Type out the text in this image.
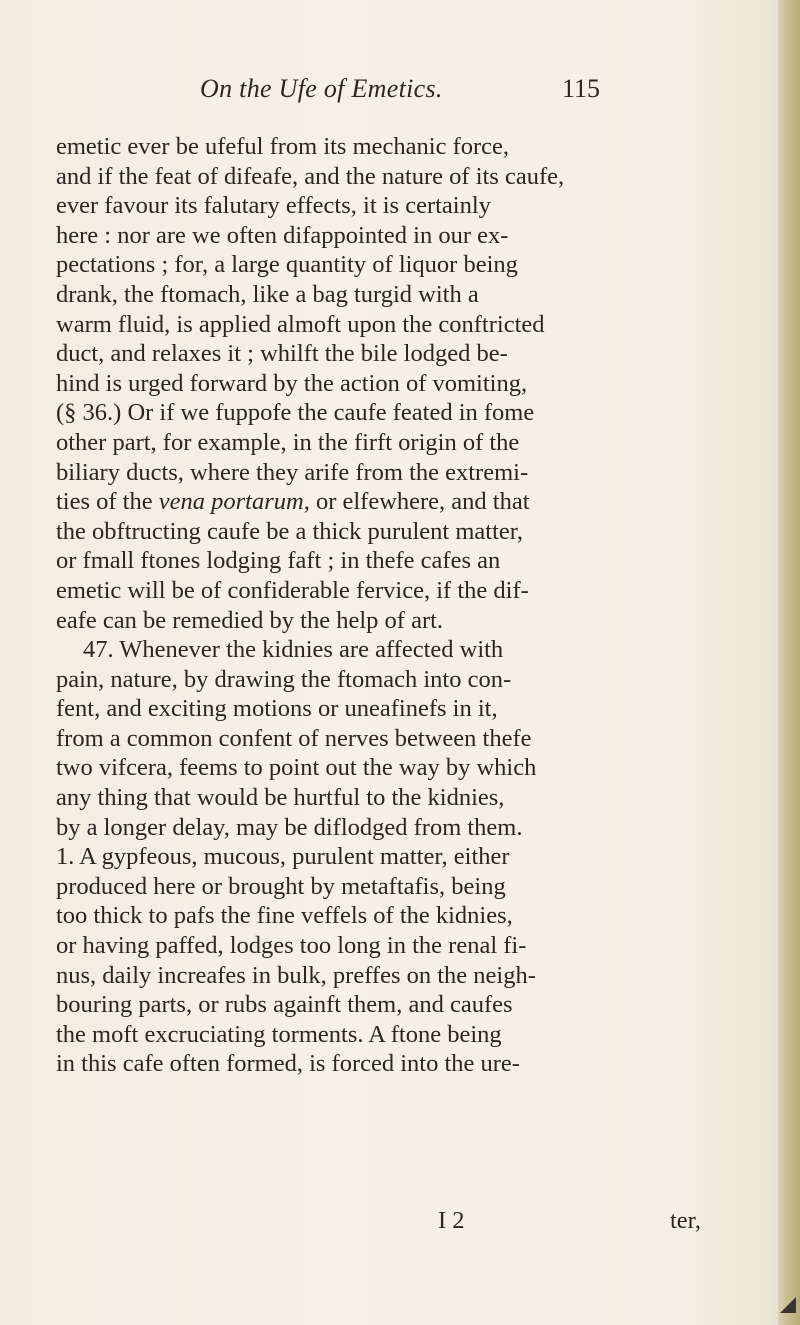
On the Ufe of Emetics.	115
emetic ever be ufeful from its mechanic force,
and if the feat of difeafe, and the nature of its caufe,
ever favour its falutary effects, it is certainly
here : nor are we often difappointed in our ex-
pectations ; for, a large quantity of liquor being
drank, the ftomach, like a bag turgid with a
warm fluid, is applied almoft upon the conftricted
duct, and relaxes it ; whilft the bile lodged be-
hind is urged forward by the action of vomiting,
(§ 36.) Or if we fuppofe the caufe feated in fome
other part, for example, in the firft origin of the
biliary ducts, where they arife from the extremi-
ties of the vena portarum, or elfewhere, and that
the obftructing caufe be a thick purulent matter,
or fmall ftones lodging faft ; in thefe cafes an
emetic will be of confiderable fervice, if the dif-
eafe can be remedied by the help of art.
47. Whenever the kidnies are affected with
pain, nature, by drawing the ftomach into con-
fent, and exciting motions or uneafinefs in it,
from a common confent of nerves between thefe
two vifcera, feems to point out the way by which
any thing that would be hurtful to the kidnies,
by a longer delay, may be diflodged from them.
1. A gypfeous, mucous, purulent matter, either
produced here or brought by metaftafis, being
too thick to pafs the fine veffels of the kidnies,
or having paffed, lodges too long in the renal fi-
nus, daily increafes in bulk, preffes on the neigh-
bouring parts, or rubs againft them, and caufes
the moft excruciating torments. A ftone being
in this cafe often formed, is forced into the ure-
I 2	ter,
